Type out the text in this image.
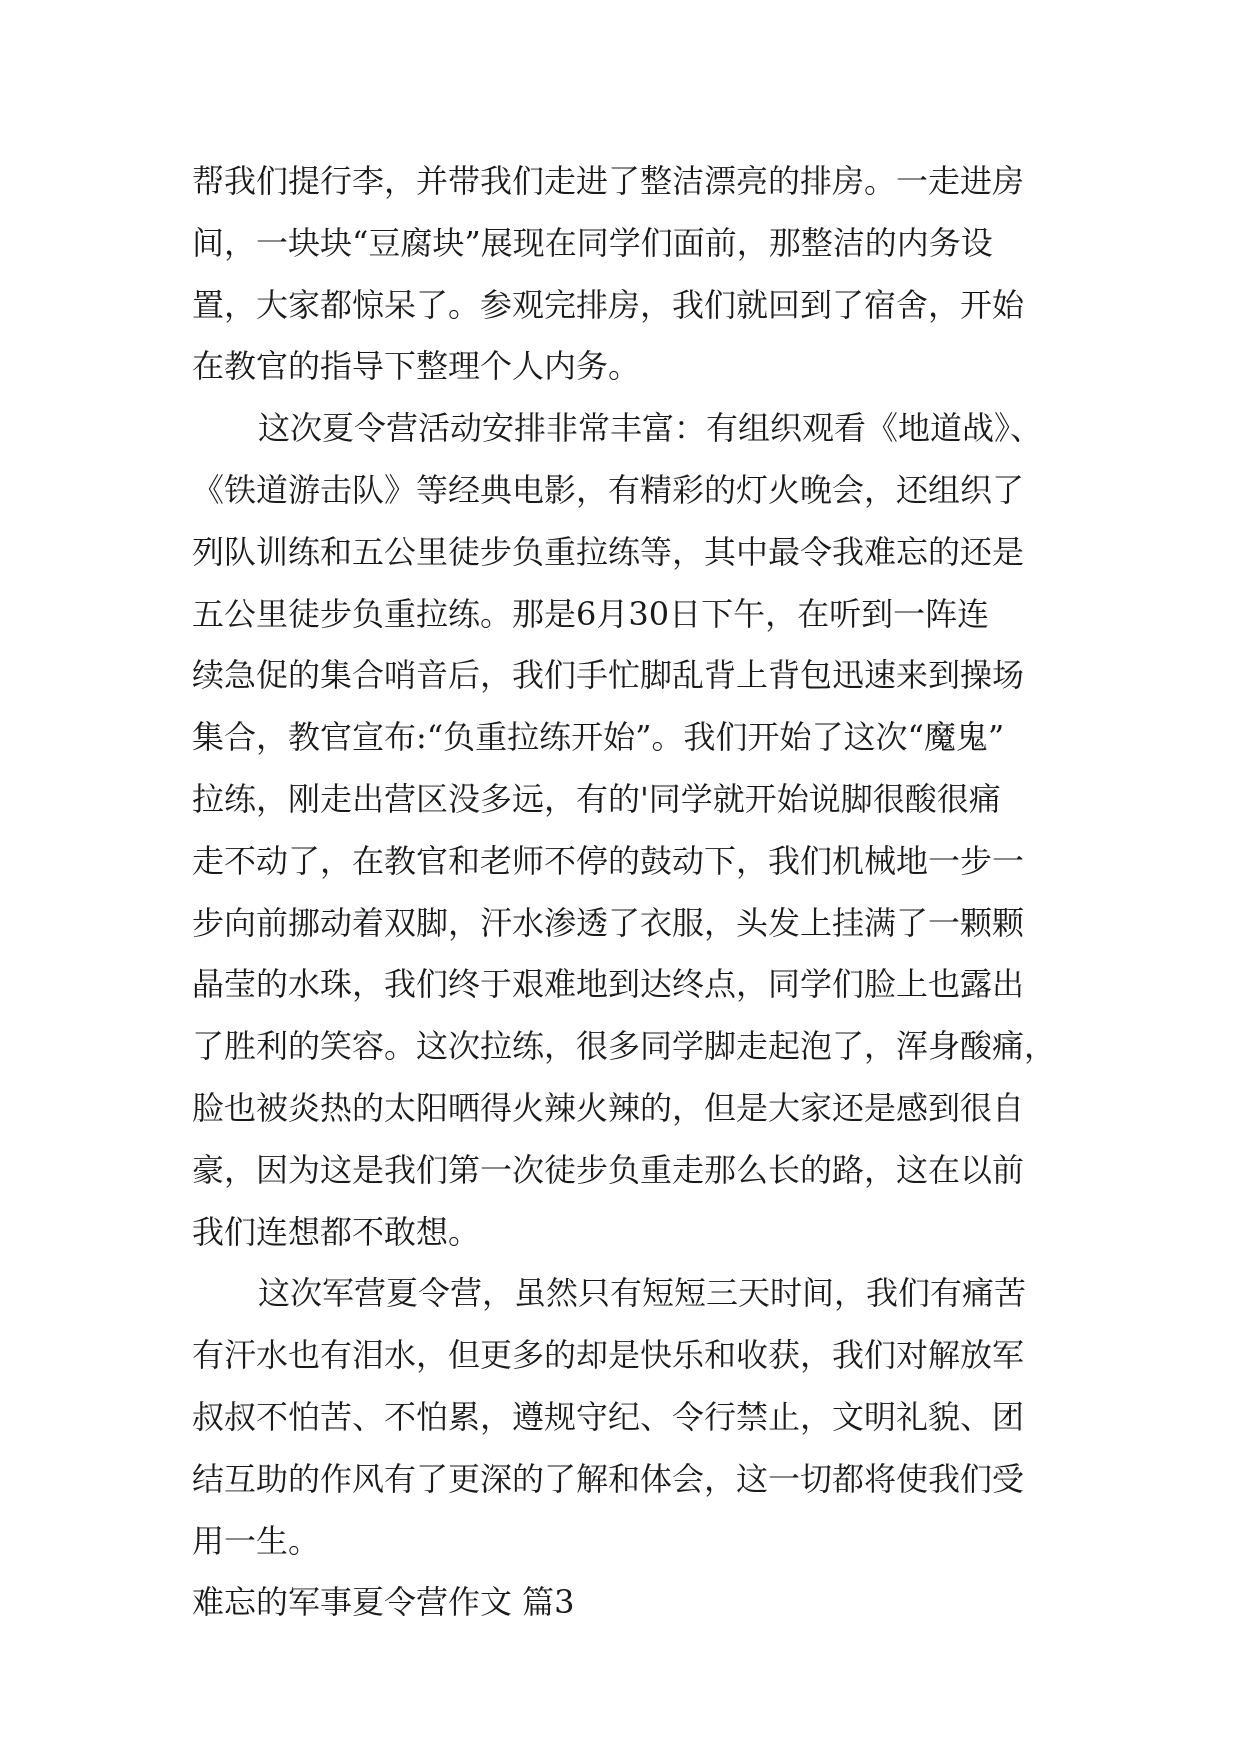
帮我们提行李，并带我们走进了整洁漂亮的排房。一走进房
间，一块块“豆腐块”展现在同学们面前，那整洁的内务设
置，大家都惊呆了。参观完排房，我们就回到了宿舍，开始
在教官的指导下整理个人内务。
这次夏令营活动安排非常丰富：有组织观看《地道战》、
《铁道游击队》等经典电影，有精彩的灯火晚会，还组织了
列队训练和五公里徒步负重拉练等，其中最令我难忘的还是
五公里徒步负重拉练。那是6月30日下午，在听到一阵连
续急促的集合哨音后，我们手忙脚乱背上背包迅速来到操场
集合，教官宣布:“负重拉练开始”。我们开始了这次“魔鬼”
拉练，刚走出营区没多远，有的'同学就开始说脚很酸很痛
走不动了，在教官和老师不停的鼓动下，我们机械地一步一
步向前挪动着双脚，汗水渗透了衣服，头发上挂满了一颗颗
晶莹的水珠，我们终于艰难地到达终点，同学们脸上也露出
了胜利的笑容。这次拉练，很多同学脚走起泡了，浑身酸痛，
脸也被炎热的太阳晒得火辣火辣的，但是大家还是感到很自
豪，因为这是我们第一次徒步负重走那么长的路，这在以前
我们连想都不敢想。
这次军营夏令营，虽然只有短短三天时间，我们有痛苦
有汗水也有泪水，但更多的却是快乐和收获，我们对解放军
叔叔不怕苦、不怕累，遵规守纪、令行禁止，文明礼貌、团
结互助的作风有了更深的了解和体会，这一切都将使我们受
用一生。
难忘的军事夏令营作文 篇3
